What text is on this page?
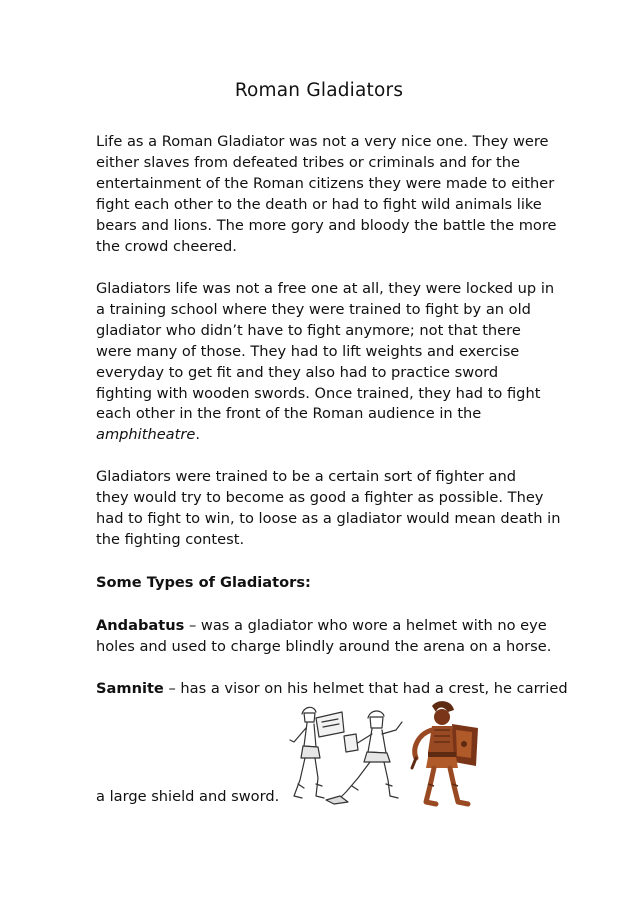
Roman Gladiators

Life as a Roman Gladiator was not a very nice one. They were
either slaves from defeated tribes or criminals and for the
entertainment of the Roman citizens they were made to either
fight each other to the death or had to fight wild animals like
bears and lions. The more gory and bloody the battle the more
the crowd cheered.

Gladiators life was not a free one at all, they were locked up in
a training school where they were trained to fight by an old
gladiator who didn’t have to fight anymore; not that there
were many of those. They had to lift weights and exercise
everyday to get fit and they also had to practice sword
fighting with wooden swords. Once trained, they had to fight
each other in the front of the Roman audience in the
amphitheatre.

Gladiators were trained to be a certain sort of fighter and
they would try to become as good a fighter as possible. They
had to fight to win, to loose as a gladiator would mean death in
the fighting contest.

Some Types of Gladiators:

Andabatus – was a gladiator who wore a helmet with no eye
holes and used to charge blindly around the arena on a horse.

Samnite – has a visor on his helmet that had a crest, he carried

a large shield and sword.
